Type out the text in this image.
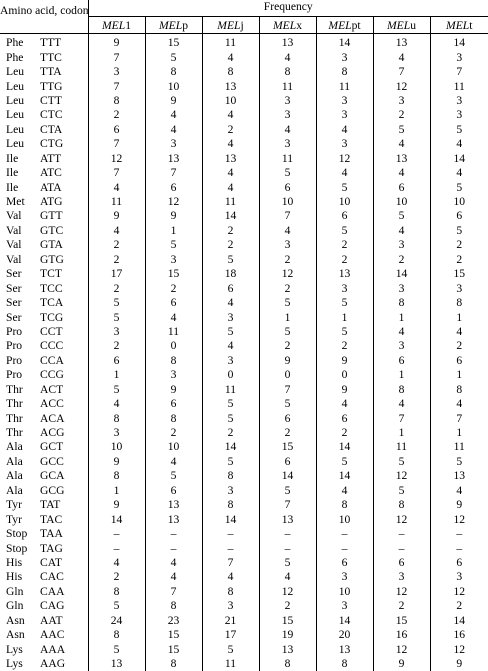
Amino acid, codon		Frequency						
		MEL1	MELp	MELj	MELx	MELpt	MELu	MELt
Phe	TTT	9	15	11	13	14	13	14
Phe	TTC	7	5	4	4	3	4	3
Leu	TTA	3	8	8	8	8	7	7
Leu	TTG	7	10	13	11	11	12	11
Leu	CTT	8	9	10	3	3	3	3
Leu	CTC	2	4	4	3	3	2	3
Leu	CTA	6	4	2	4	4	5	5
Leu	CTG	7	3	4	3	3	4	4
Ile	ATT	12	13	13	11	12	13	14
Ile	ATC	7	7	4	5	4	4	4
Ile	ATA	4	6	4	6	5	6	5
Met	ATG	11	12	11	10	10	10	10
Val	GTT	9	9	14	7	6	5	6
Val	GTC	4	1	2	4	5	4	5
Val	GTA	2	5	2	3	2	3	2
Val	GTG	2	3	5	2	2	2	2
Ser	TCT	17	15	18	12	13	14	15
Ser	TCC	2	2	6	2	3	3	3
Ser	TCA	5	6	4	5	5	8	8
Ser	TCG	5	4	3	1	1	1	1
Pro	CCT	3	11	5	5	5	4	4
Pro	CCC	2	0	4	2	2	3	2
Pro	CCA	6	8	3	9	9	6	6
Pro	CCG	1	3	0	0	0	1	1
Thr	ACT	5	9	11	7	9	8	8
Thr	ACC	4	6	5	5	4	4	4
Thr	ACA	8	8	5	6	6	7	7
Thr	ACG	3	2	2	2	2	1	1
Ala	GCT	10	10	14	15	14	11	11
Ala	GCC	9	4	5	6	5	5	5
Ala	GCA	8	5	8	14	14	12	13
Ala	GCG	1	6	3	5	4	5	4
Tyr	TAT	9	13	8	7	8	8	9
Tyr	TAC	14	13	14	13	10	12	12
Stop	TAA	–	–	–	–	–	–	–
Stop	TAG	–	–	–	–	–	–	–
His	CAT	4	4	7	5	6	6	6
His	CAC	2	4	4	4	3	3	3
Gln	CAA	8	7	8	12	10	12	12
Gln	CAG	5	8	3	2	3	2	2
Asn	AAT	24	23	21	15	14	15	14
Asn	AAC	8	15	17	19	20	16	16
Lys	AAA	5	15	5	13	13	12	12
Lys	AAG	13	8	11	8	8	9	9
